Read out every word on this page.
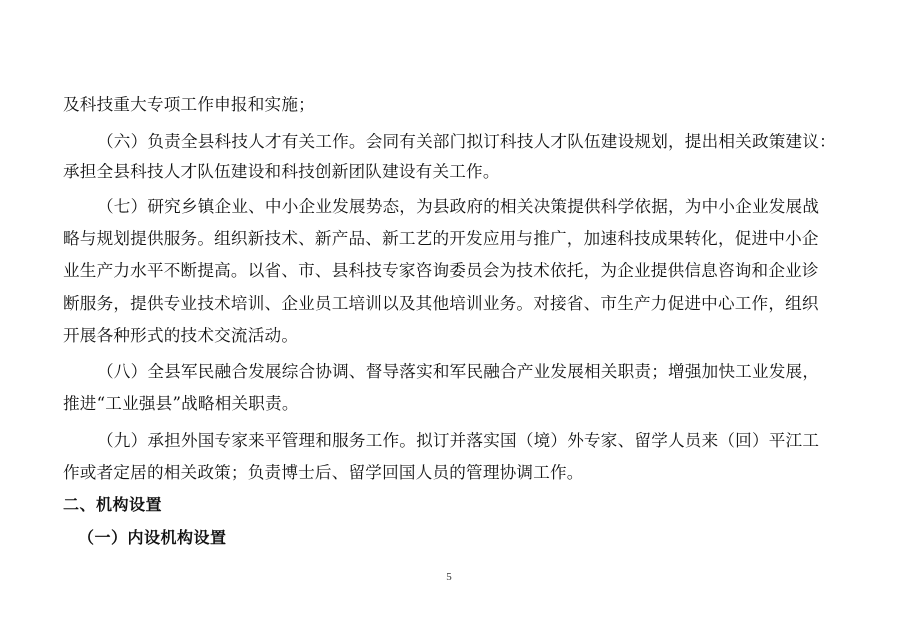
及科技重大专项工作申报和实施；
（六）负责全县科技人才有关工作。会同有关部门拟订科技人才队伍建设规划，提出相关政策建议：
承担全县科技人才队伍建设和科技创新团队建设有关工作。
（七）研究乡镇企业、中小企业发展势态，为县政府的相关决策提供科学依据，为中小企业发展战
略与规划提供服务。组织新技术、新产品、新工艺的开发应用与推广，加速科技成果转化，促进中小企
业生产力水平不断提高。以省、市、县科技专家咨询委员会为技术依托，为企业提供信息咨询和企业诊
断服务，提供专业技术培训、企业员工培训以及其他培训业务。对接省、市生产力促进中心工作，组织
开展各种形式的技术交流活动。
（八）全县军民融合发展综合协调、督导落实和军民融合产业发展相关职责；增强加快工业发展，
推进“工业强县”战略相关职责。
（九）承担外国专家来平管理和服务工作。拟订并落实国（境）外专家、留学人员来（回）平江工
作或者定居的相关政策；负责博士后、留学回国人员的管理协调工作。
二、机构设置
（一）内设机构设置
5
